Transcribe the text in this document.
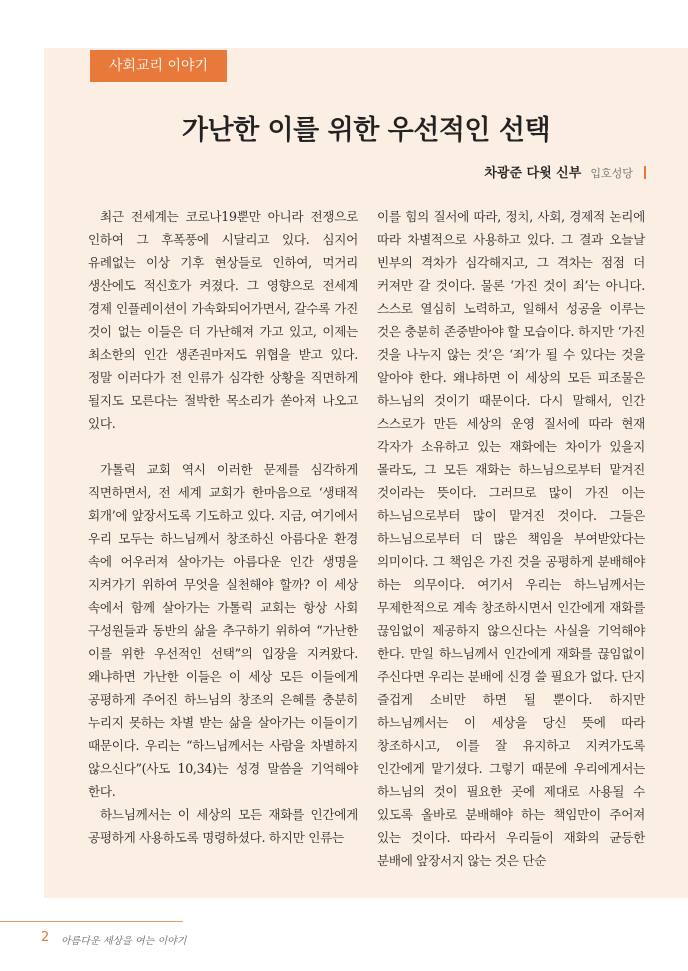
사회교리 이야기
가난한 이를 위한 우선적인 선택
차광준 다윗 신부 입호성당

최근 전세계는 코로나19뿐만 아니라 전쟁으로 인하여 그 후폭풍에 시달리고 있다. 심지어 유례없는 이상 기후 현상들로 인하여, 먹거리 생산에도 적신호가 켜졌다. 그 영향으로 전세계 경제 인플레이션이 가속화되어가면서, 갈수록 가진 것이 없는 이들은 더 가난해져 가고 있고, 이제는 최소한의 인간 생존권마저도 위협을 받고 있다. 정말 이러다가 전 인류가 심각한 상황을 직면하게 될지도 모른다는 절박한 목소리가 쏟아져 나오고 있다.

가톨릭 교회 역시 이러한 문제를 심각하게 직면하면서, 전 세계 교회가 한마음으로 ‘생태적 회개’에 앞장서도록 기도하고 있다. 지금, 여기에서 우리 모두는 하느님께서 창조하신 아름다운 환경 속에 어우러져 살아가는 아름다운 인간 생명을 지켜가기 위하여 무엇을 실천해야 할까? 이 세상 속에서 함께 살아가는 가톨릭 교회는 항상 사회 구성원들과 동반의 삶을 추구하기 위하여 “가난한 이를 위한 우선적인 선택”의 입장을 지켜왔다. 왜냐하면 가난한 이들은 이 세상 모든 이들에게 공평하게 주어진 하느님의 창조의 은혜를 충분히 누리지 못하는 차별 받는 삶을 살아가는 이들이기 때문이다. 우리는 “하느님께서는 사람을 차별하지 않으신다”(사도 10,34)는 성경 말씀을 기억해야 한다.

하느님께서는 이 세상의 모든 재화를 인간에게 공평하게 사용하도록 명령하셨다. 하지만 인류는

이를 힘의 질서에 따라, 정치, 사회, 경제적 논리에 따라 차별적으로 사용하고 있다. 그 결과 오늘날 빈부의 격차가 심각해지고, 그 격차는 점점 더 커져만 갈 것이다. 물론 ‘가진 것이 죄’는 아니다. 스스로 열심히 노력하고, 일해서 성공을 이루는 것은 충분히 존중받아야 할 모습이다. 하지만 ‘가진 것을 나누지 않는 것’은 ‘죄’가 될 수 있다는 것을 알아야 한다. 왜냐하면 이 세상의 모든 피조물은 하느님의 것이기 때문이다. 다시 말해서, 인간 스스로가 만든 세상의 운영 질서에 따라 현재 각자가 소유하고 있는 재화에는 차이가 있을지 몰라도, 그 모든 재화는 하느님으로부터 맡겨진 것이라는 뜻이다. 그러므로 많이 가진 이는 하느님으로부터 많이 맡겨진 것이다. 그들은 하느님으로부터 더 많은 책임을 부여받았다는 의미이다. 그 책임은 가진 것을 공평하게 분배해야 하는 의무이다. 여기서 우리는 하느님께서는 무제한적으로 계속 창조하시면서 인간에게 재화를 끊임없이 제공하지 않으신다는 사실을 기억해야 한다. 만일 하느님께서 인간에게 재화를 끊임없이 주신다면 우리는 분배에 신경 쓸 필요가 없다. 단지 즐겁게 소비만 하면 될 뿐이다. 하지만 하느님께서는 이 세상을 당신 뜻에 따라 창조하시고, 이를 잘 유지하고 지켜가도록 인간에게 맡기셨다. 그렇기 때문에 우리에게서는 하느님의 것이 필요한 곳에 제대로 사용될 수 있도록 올바로 분배해야 하는 책임만이 주어져 있는 것이다. 따라서 우리들이 재화의 균등한 분배에 앞장서지 않는 것은 단순

2 아름다운 세상을 여는 이야기
